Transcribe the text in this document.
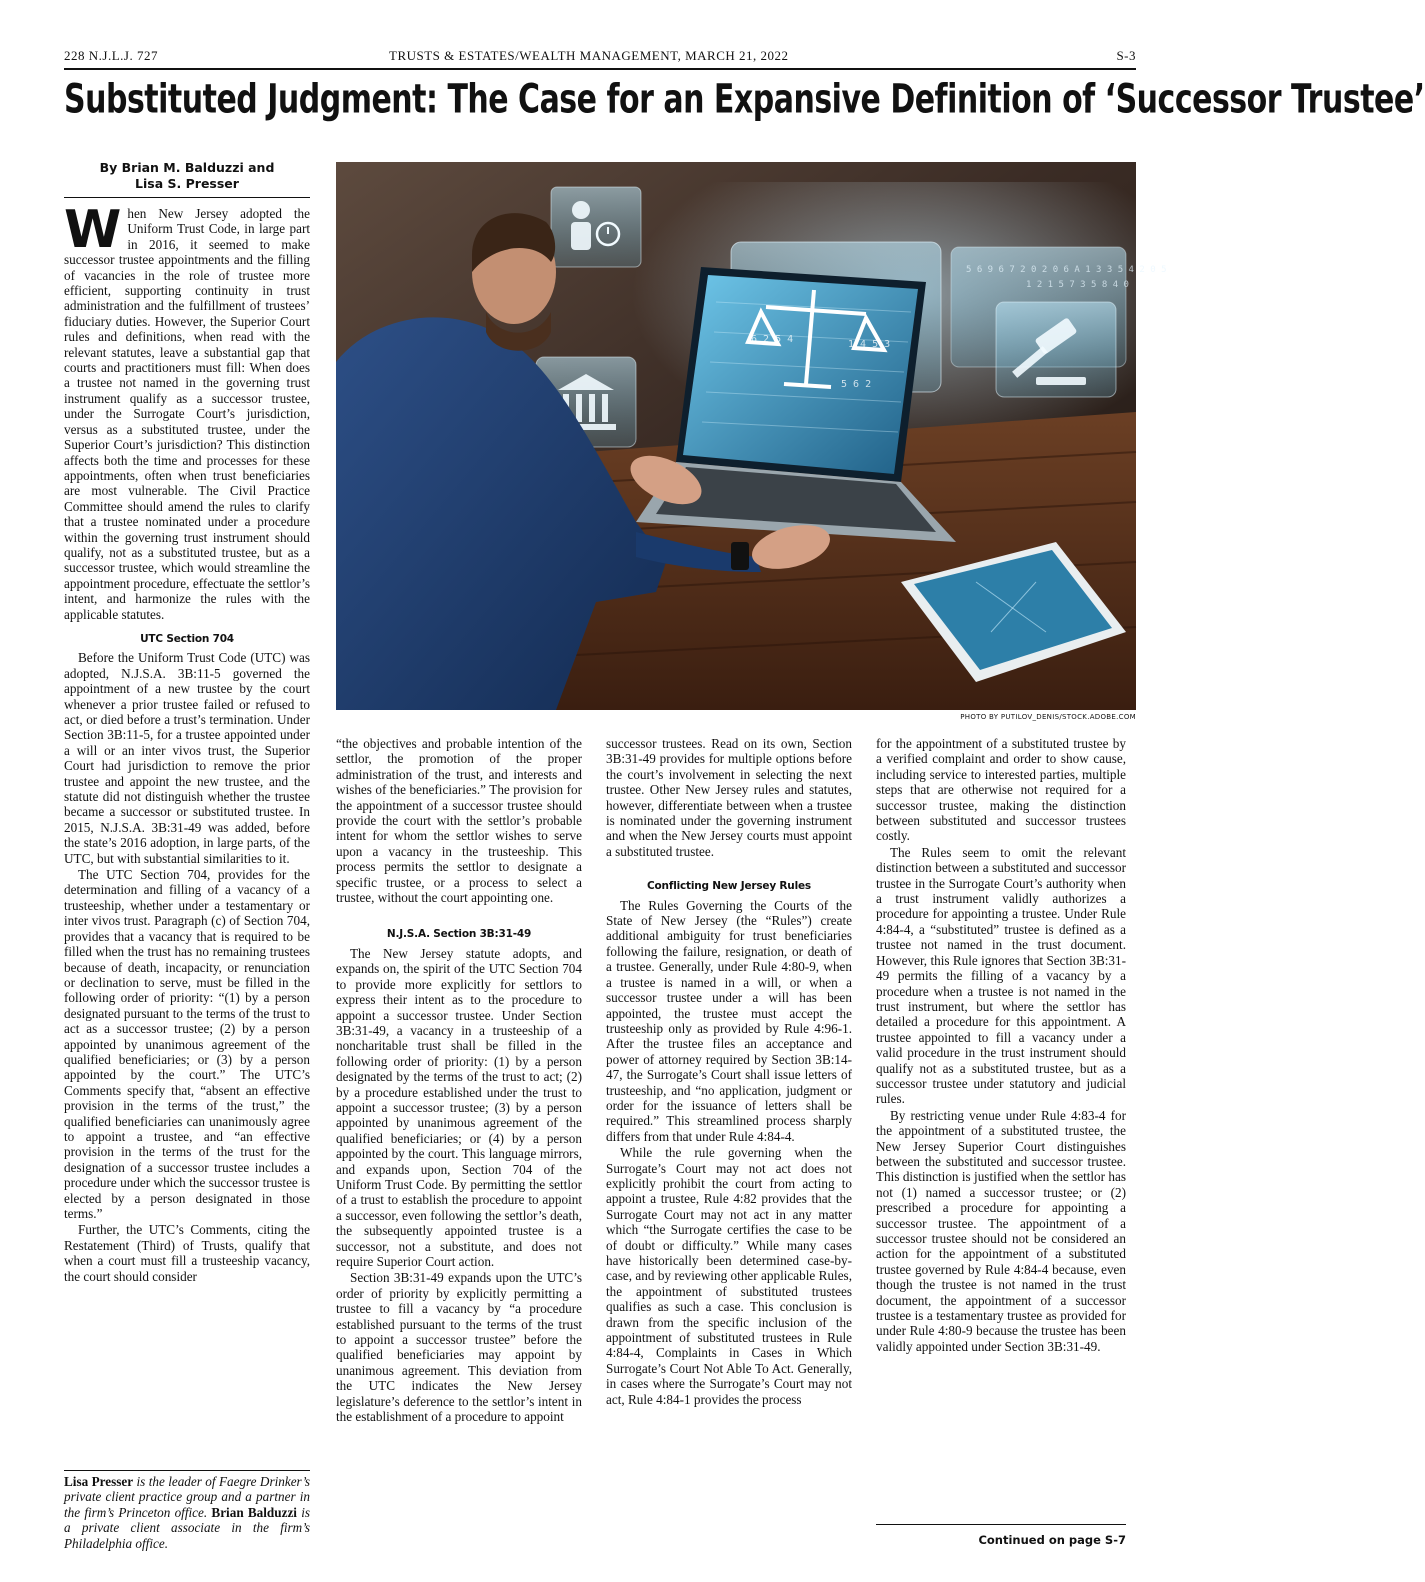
228 N.J.L.J. 727	TRUSTS & ESTATES/WEALTH MANAGEMENT, MARCH 21, 2022	S-3
Substituted Judgment: The Case for an Expansive Definition of ‘Successor Trustee’
By Brian M. Balduzzi and
Lisa S. Presser

When New Jersey adopted the Uniform Trust Code, in large part in 2016, it seemed to make successor trustee appointments and the filling of vacancies in the role of trustee more efficient, supporting continuity in trust administration and the fulfillment of trustees’ fiduciary duties. However, the Superior Court rules and definitions, when read with the relevant statutes, leave a substantial gap that courts and practitioners must fill: When does a trustee not named in the governing trust instrument qualify as a successor trustee, under the Surrogate Court’s jurisdiction, versus as a substituted trustee, under the Superior Court’s jurisdiction? This distinction affects both the time and processes for these appointments, often when trust beneficiaries are most vulnerable. The Civil Practice Committee should amend the rules to clarify that a trustee nominated under a procedure within the governing trust instrument should qualify, not as a substituted trustee, but as a successor trustee, which would streamline the appointment procedure, effectuate the settlor’s intent, and harmonize the rules with the applicable statutes.

UTC Section 704

Before the Uniform Trust Code (UTC) was adopted, N.J.S.A. 3B:11-5 governed the appointment of a new trustee by the court whenever a prior trustee failed or refused to act, or died before a trust’s termination. Under Section 3B:11-5, for a trustee appointed under a will or an inter vivos trust, the Superior Court had jurisdiction to remove the prior trustee and appoint the new trustee, and the statute did not distinguish whether the trustee became a successor or substituted trustee. In 2015, N.J.S.A. 3B:31-49 was added, before the state’s 2016 adoption, in large parts, of the UTC, but with substantial similarities to it.

The UTC Section 704, provides for the determination and filling of a vacancy of a trusteeship, whether under a testamentary or inter vivos trust. Paragraph (c) of Section 704, provides that a vacancy that is required to be filled when the trust has no remaining trustees because of death, incapacity, or renunciation or declination to serve, must be filled in the following order of priority: “(1) by a person designated pursuant to the terms of the trust to act as a successor trustee; (2) by a person appointed by unanimous agreement of the qualified beneficiaries; or (3) by a person appointed by the court.” The UTC’s Comments specify that, “absent an effective provision in the terms of the trust,” the qualified beneficiaries can unanimously agree to appoint a trustee, and “an effective provision in the terms of the trust for the designation of a successor trustee includes a procedure under which the successor trustee is elected by a person designated in those terms.”

Further, the UTC’s Comments, citing the Restatement (Third) of Trusts, qualify that when a court must fill a trusteeship vacancy, the court should consider

Lisa Presser is the leader of Faegre Drinker’s private client practice group and a partner in the firm’s Princeton office. Brian Balduzzi is a private client associate in the firm’s Philadelphia office.
5 6 9 6 7 2 0 2 0 6 A 1 3 3 5 4 2 0 5
1 2 1 5 7 3 5 8 4 0
6 2 5 4	1 4 5 3
5 6 2
PHOTO BY PUTILOV_DENIS/STOCK.ADOBE.COM

“the objectives and probable intention of the settlor, the promotion of the proper administration of the trust, and interests and wishes of the beneficiaries.” The provision for the appointment of a successor trustee should provide the court with the settlor’s probable intent for whom the settlor wishes to serve upon a vacancy in the trusteeship. This process permits the settlor to designate a specific trustee, or a process to select a trustee, without the court appointing one.

N.J.S.A. Section 3B:31-49

The New Jersey statute adopts, and expands on, the spirit of the UTC Section 704 to provide more explicitly for settlors to express their intent as to the procedure to appoint a successor trustee. Under Section 3B:31-49, a vacancy in a trusteeship of a noncharitable trust shall be filled in the following order of priority: (1) by a person designated by the terms of the trust to act; (2) by a procedure established under the trust to appoint a successor trustee; (3) by a person appointed by unanimous agreement of the qualified beneficiaries; or (4) by a person appointed by the court. This language mirrors, and expands upon, Section 704 of the Uniform Trust Code. By permitting the settlor of a trust to establish the procedure to appoint a successor, even following the settlor’s death, the subsequently appointed trustee is a successor, not a substitute, and does not require Superior Court action.

Section 3B:31-49 expands upon the UTC’s order of priority by explicitly permitting a trustee to fill a vacancy by “a procedure established pursuant to the terms of the trust to appoint a successor trustee” before the qualified beneficiaries may appoint by unanimous agreement. This deviation from the UTC indicates the New Jersey legislature’s deference to the settlor’s intent in the establishment of a procedure to appoint

successor trustees. Read on its own, Section 3B:31-49 provides for multiple options before the court’s involvement in selecting the next trustee. Other New Jersey rules and statutes, however, differentiate between when a trustee is nominated under the governing instrument and when the New Jersey courts must appoint a substituted trustee.

Conflicting New Jersey Rules

The Rules Governing the Courts of the State of New Jersey (the “Rules”) create additional ambiguity for trust beneficiaries following the failure, resignation, or death of a trustee. Generally, under Rule 4:80-9, when a trustee is named in a will, or when a successor trustee under a will has been appointed, the trustee must accept the trusteeship only as provided by Rule 4:96-1. After the trustee files an acceptance and power of attorney required by Section 3B:14-47, the Surrogate’s Court shall issue letters of trusteeship, and “no application, judgment or order for the issuance of letters shall be required.” This streamlined process sharply differs from that under Rule 4:84-4.

While the rule governing when the Surrogate’s Court may not act does not explicitly prohibit the court from acting to appoint a trustee, Rule 4:82 provides that the Surrogate Court may not act in any matter which “the Surrogate certifies the case to be of doubt or difficulty.” While many cases have historically been determined case-by-case, and by reviewing other applicable Rules, the appointment of substituted trustees qualifies as such a case. This conclusion is drawn from the specific inclusion of the appointment of substituted trustees in Rule 4:84-4, Complaints in Cases in Which Surrogate’s Court Not Able To Act. Generally, in cases where the Surrogate’s Court may not act, Rule 4:84-1 provides the process

for the appointment of a substituted trustee by a verified complaint and order to show cause, including service to interested parties, multiple steps that are otherwise not required for a successor trustee, making the distinction between substituted and successor trustees costly.

The Rules seem to omit the relevant distinction between a substituted and successor trustee in the Surrogate Court’s authority when a trust instrument validly authorizes a procedure for appointing a trustee. Under Rule 4:84-4, a “substituted” trustee is defined as a trustee not named in the trust document. However, this Rule ignores that Section 3B:31-49 permits the filling of a vacancy by a procedure when a trustee is not named in the trust instrument, but where the settlor has detailed a procedure for this appointment. A trustee appointed to fill a vacancy under a valid procedure in the trust instrument should qualify not as a substituted trustee, but as a successor trustee under statutory and judicial rules.

By restricting venue under Rule 4:83-4 for the appointment of a substituted trustee, the New Jersey Superior Court distinguishes between the substituted and successor trustee. This distinction is justified when the settlor has not (1) named a successor trustee; or (2) prescribed a procedure for appointing a successor trustee. The appointment of a successor trustee should not be considered an action for the appointment of a substituted trustee governed by Rule 4:84-4 because, even though the trustee is not named in the trust document, the appointment of a successor trustee is a testamentary trustee as provided for under Rule 4:80-9 because the trustee has been validly appointed under Section 3B:31-49.

Continued on page S-7
